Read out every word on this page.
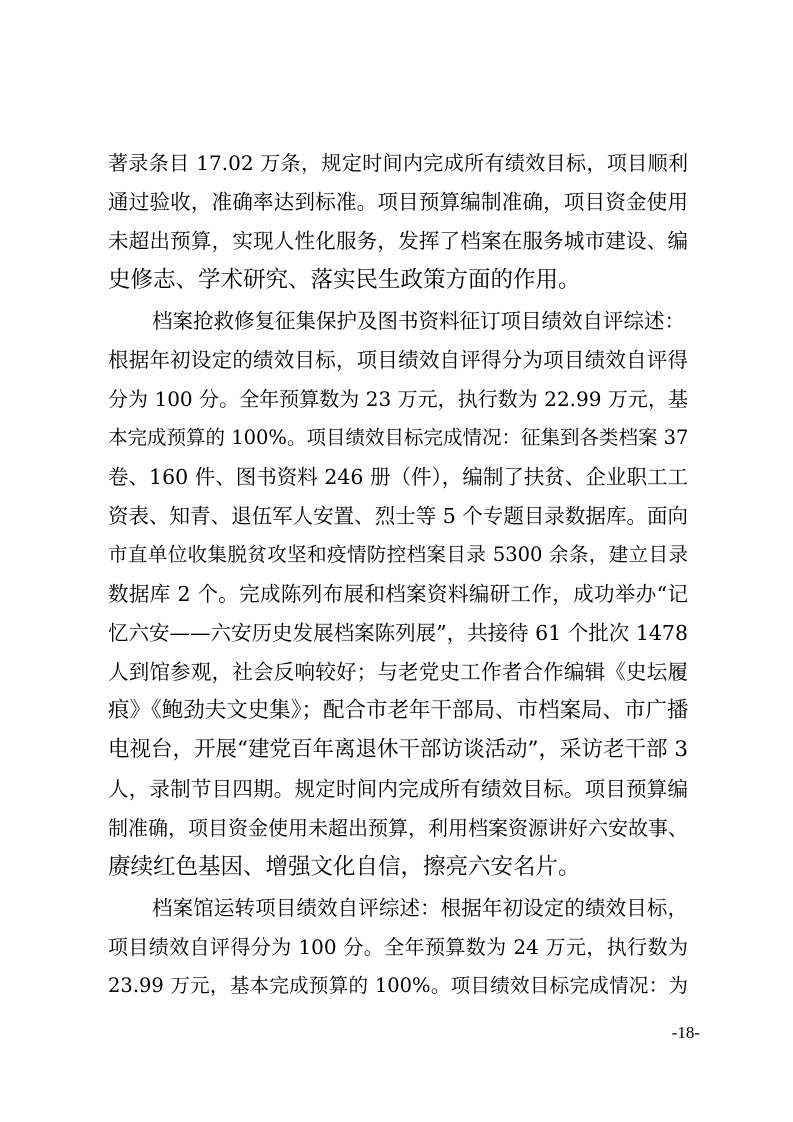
著录条目 17.02 万条，规定时间内完成所有绩效目标，项目顺利
通过验收，准确率达到标准。项目预算编制准确，项目资金使用
未超出预算，实现人性化服务，发挥了档案在服务城市建设、编
史修志、学术研究、落实民生政策方面的作用。
档案抢救修复征集保护及图书资料征订项目绩效自评综述：
根据年初设定的绩效目标，项目绩效自评得分为项目绩效自评得
分为 100 分。全年预算数为 23 万元，执行数为 22.99 万元，基
本完成预算的 100%。项目绩效目标完成情况：征集到各类档案 37
卷、160 件、图书资料 246 册（件），编制了扶贫、企业职工工
资表、知青、退伍军人安置、烈士等 5 个专题目录数据库。面向
市直单位收集脱贫攻坚和疫情防控档案目录 5300 余条，建立目录
数据库 2 个。完成陈列布展和档案资料编研工作，成功举办“记
忆六安——六安历史发展档案陈列展”，共接待 61 个批次 1478
人到馆参观，社会反响较好；与老党史工作者合作编辑《史坛履
痕》《鲍劲夫文史集》；配合市老年干部局、市档案局、市广播
电视台，开展“建党百年离退休干部访谈活动”，采访老干部 3
人，录制节目四期。规定时间内完成所有绩效目标。项目预算编
制准确，项目资金使用未超出预算，利用档案资源讲好六安故事、
赓续红色基因、增强文化自信，擦亮六安名片。
档案馆运转项目绩效自评综述：根据年初设定的绩效目标，
项目绩效自评得分为 100 分。全年预算数为 24 万元，执行数为
23.99 万元，基本完成预算的 100%。项目绩效目标完成情况：为
-18-
